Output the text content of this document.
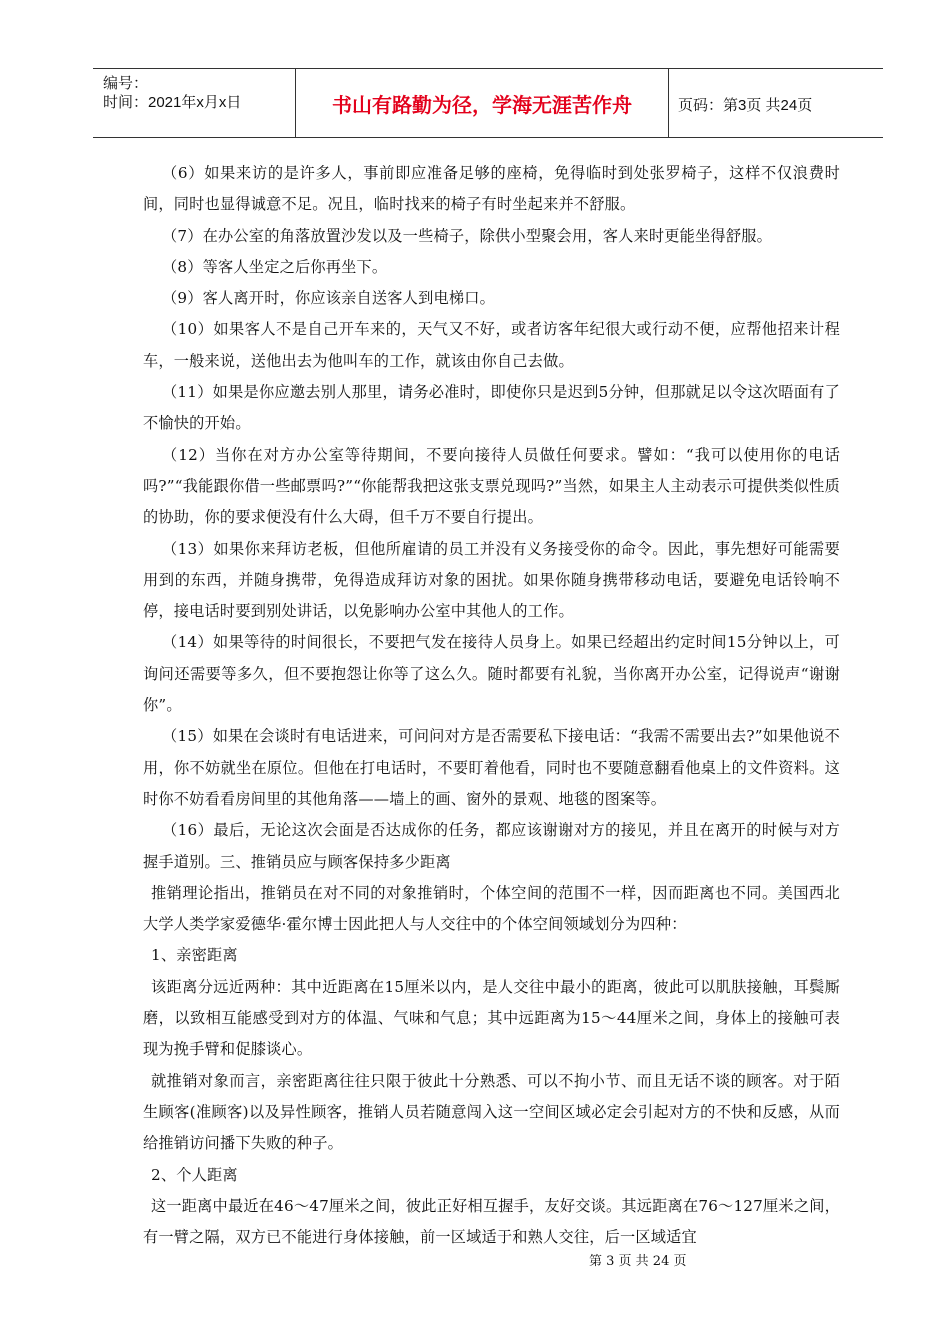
编号：
时间：2021年x月x日	书山有路勤为径，学海无涯苦作舟	页码：第3页 共24页

（6）如果来访的是许多人，事前即应准备足够的座椅，免得临时到处张罗椅子，这样不仅浪费时间，同时也显得诚意不足。况且，临时找来的椅子有时坐起来并不舒服。

（7）在办公室的角落放置沙发以及一些椅子，除供小型聚会用，客人来时更能坐得舒服。

（8）等客人坐定之后你再坐下。

（9）客人离开时，你应该亲自送客人到电梯口。

（10）如果客人不是自己开车来的，天气又不好，或者访客年纪很大或行动不便，应帮他招来计程车，一般来说，送他出去为他叫车的工作，就该由你自己去做。

（11）如果是你应邀去别人那里，请务必准时，即使你只是迟到5分钟，但那就足以令这次晤面有了不愉快的开始。

（12）当你在对方办公室等待期间，不要向接待人员做任何要求。譬如：“我可以使用你的电话吗?”“我能跟你借一些邮票吗?”“你能帮我把这张支票兑现吗?”当然，如果主人主动表示可提供类似性质的协助，你的要求便没有什么大碍，但千万不要自行提出。

（13）如果你来拜访老板，但他所雇请的员工并没有义务接受你的命令。因此，事先想好可能需要用到的东西，并随身携带，免得造成拜访对象的困扰。如果你随身携带移动电话，要避免电话铃响不停，接电话时要到别处讲话，以免影响办公室中其他人的工作。

（14）如果等待的时间很长，不要把气发在接待人员身上。如果已经超出约定时间15分钟以上，可询问还需要等多久，但不要抱怨让你等了这么久。随时都要有礼貌，当你离开办公室，记得说声“谢谢你”。

（15）如果在会谈时有电话进来，可问问对方是否需要私下接电话：“我需不需要出去?”如果他说不用，你不妨就坐在原位。但他在打电话时，不要盯着他看，同时也不要随意翻看他桌上的文件资料。这时你不妨看看房间里的其他角落——墙上的画、窗外的景观、地毯的图案等。

（16）最后，无论这次会面是否达成你的任务，都应该谢谢对方的接见，并且在离开的时候与对方握手道别。三、推销员应与顾客保持多少距离

推销理论指出，推销员在对不同的对象推销时，个体空间的范围不一样，因而距离也不同。美国西北大学人类学家爱德华·霍尔博士因此把人与人交往中的个体空间领域划分为四种：

1、亲密距离

该距离分远近两种：其中近距离在15厘米以内，是人交往中最小的距离，彼此可以肌肤接触，耳鬓厮磨，以致相互能感受到对方的体温、气味和气息；其中远距离为15～44厘米之间，身体上的接触可表现为挽手臂和促膝谈心。

就推销对象而言，亲密距离往往只限于彼此十分熟悉、可以不拘小节、而且无话不谈的顾客。对于陌生顾客(准顾客)以及异性顾客，推销人员若随意闯入这一空间区域必定会引起对方的不快和反感，从而给推销访问播下失败的种子。

2、个人距离

这一距离中最近在46～47厘米之间，彼此正好相互握手，友好交谈。其远距离在76～127厘米之间，有一臂之隔，双方已不能进行身体接触，前一区域适于和熟人交往，后一区域适宜

第 3 页 共 24 页
